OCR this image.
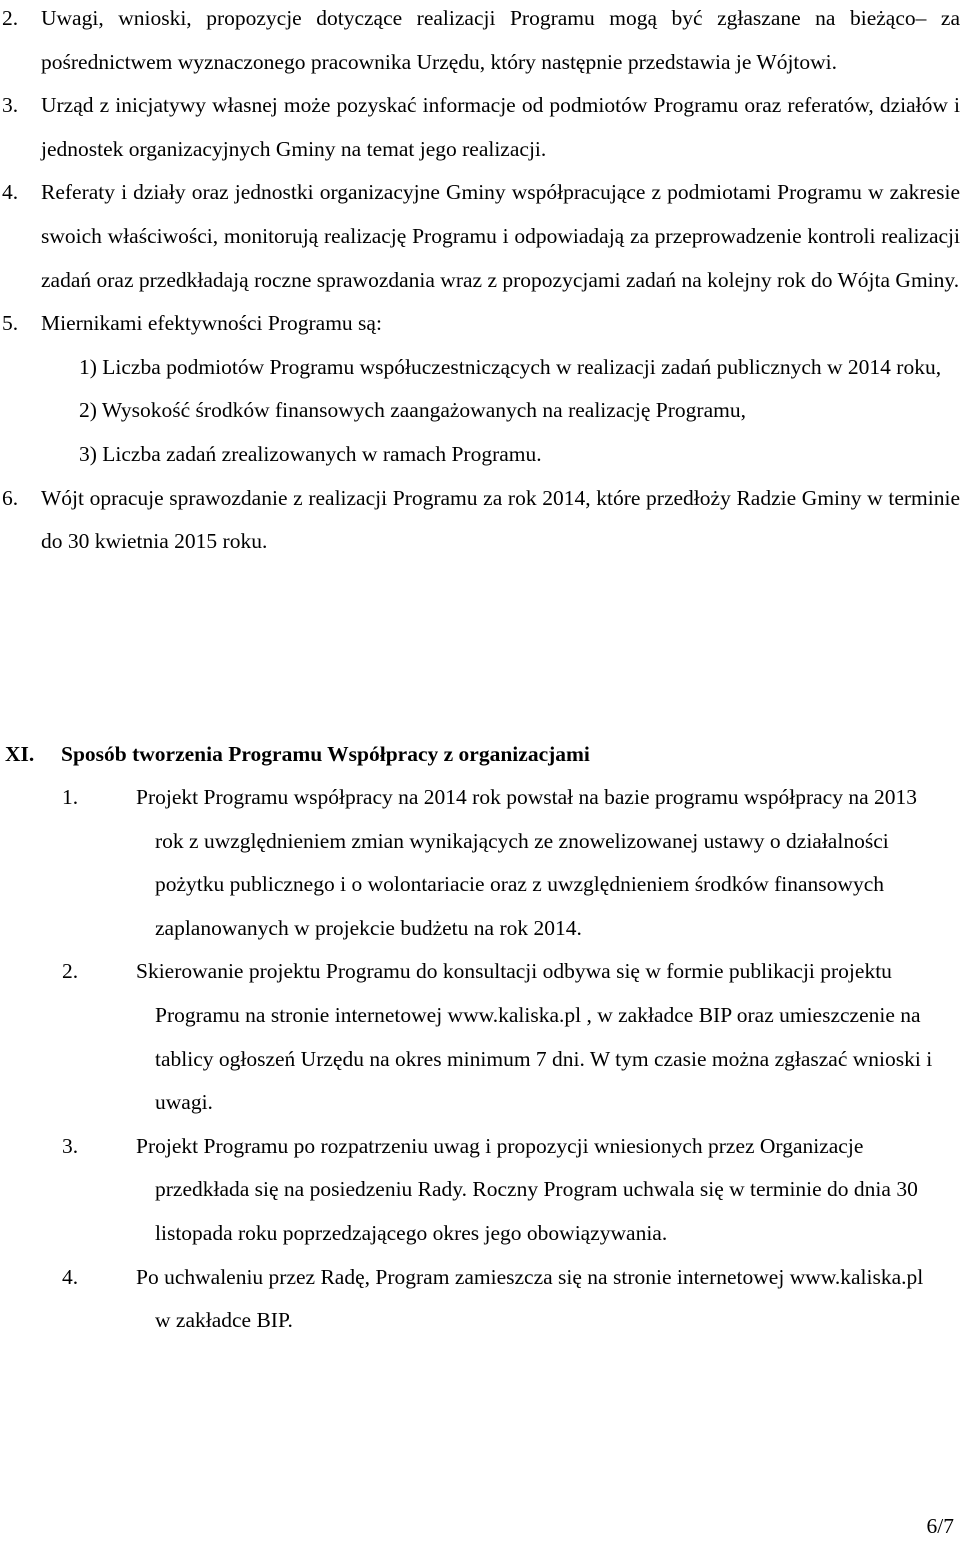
2. Uwagi, wnioski, propozycje dotyczące realizacji Programu mogą być zgłaszane na bieżąco– za pośrednictwem wyznaczonego pracownika Urzędu, który następnie przedstawia je Wójtowi.
3. Urząd z inicjatywy własnej może pozyskać informacje od podmiotów Programu oraz referatów, działów i jednostek organizacyjnych Gminy na temat jego realizacji.
4. Referaty i działy oraz jednostki organizacyjne Gminy współpracujące z podmiotami Programu w zakresie swoich właściwości, monitorują realizację Programu i odpowiadają za przeprowadzenie kontroli realizacji zadań oraz przedkładają roczne sprawozdania wraz z propozycjami zadań na kolejny rok do Wójta Gminy.
5. Miernikami efektywności Programu są:
1) Liczba podmiotów Programu współuczestniczących w realizacji zadań publicznych w 2014 roku,
2) Wysokość środków finansowych zaangażowanych na realizację Programu,
3) Liczba zadań zrealizowanych w ramach Programu.
6. Wójt opracuje sprawozdanie z realizacji Programu za rok 2014, które przedłoży Radzie Gminy w terminie do 30 kwietnia 2015 roku.
XI. Sposób tworzenia Programu Współpracy z organizacjami
1.	Projekt Programu współpracy na 2014 rok powstał na bazie programu współpracy na 2013 rok z uwzględnieniem zmian wynikających ze znowelizowanej ustawy o działalności pożytku publicznego i o wolontariacie oraz z uwzględnieniem środków finansowych zaplanowanych w projekcie budżetu na rok 2014.
2.	Skierowanie projektu Programu do konsultacji odbywa się w formie publikacji projektu Programu na stronie internetowej www.kaliska.pl , w zakładce BIP oraz umieszczenie na tablicy ogłoszeń Urzędu na okres minimum 7 dni. W tym czasie można zgłaszać wnioski i uwagi.
3.	Projekt Programu po rozpatrzeniu uwag i propozycji wniesionych przez Organizacje przedkłada się na posiedzeniu Rady. Roczny Program uchwala się w terminie do dnia 30 listopada roku poprzedzającego okres jego obowiązywania.
4.	Po uchwaleniu przez Radę, Program zamieszcza się na stronie internetowej www.kaliska.pl w zakładce BIP.
6/7
